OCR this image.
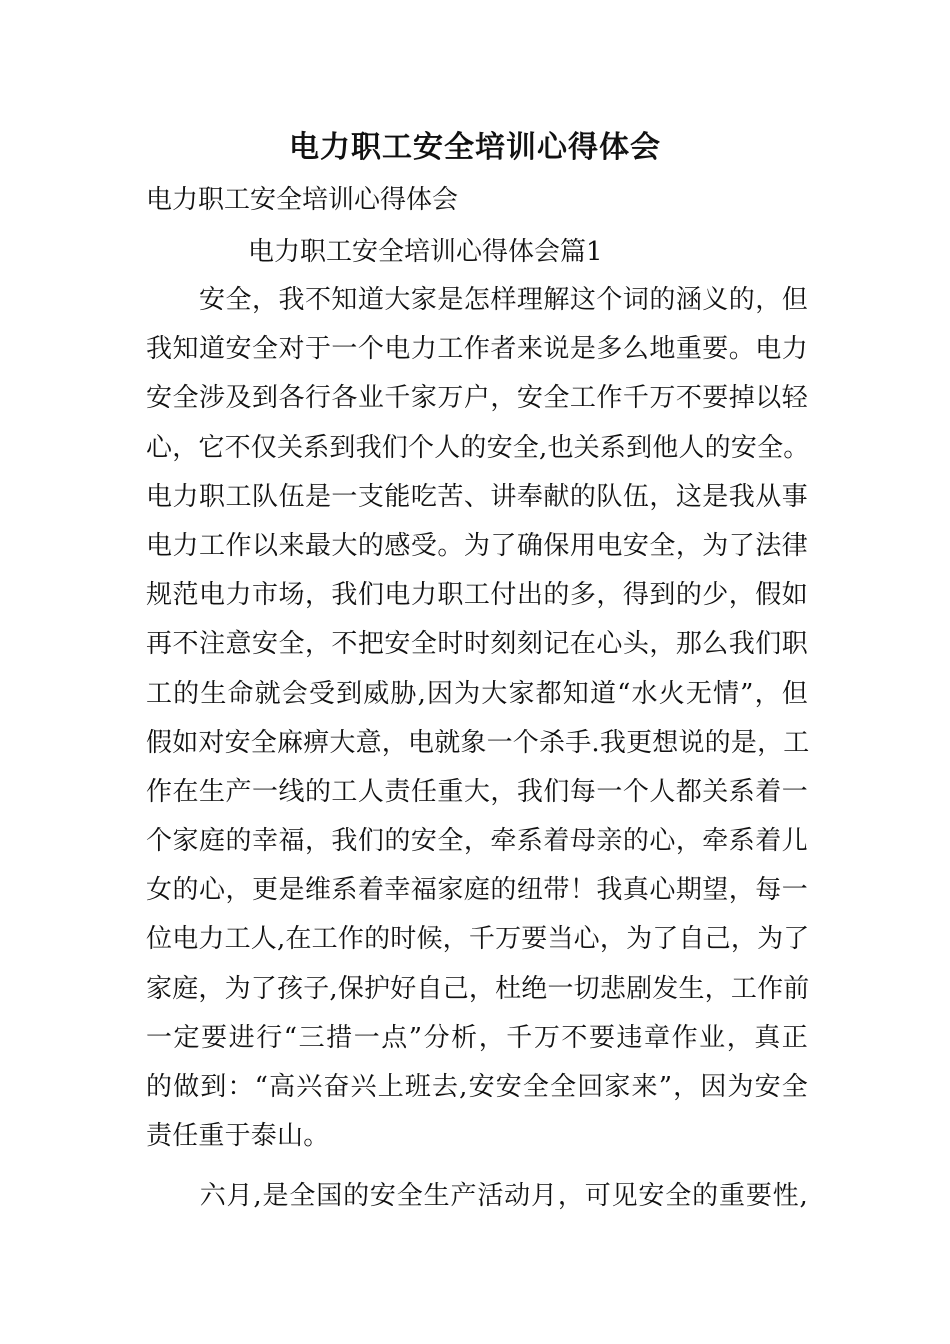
电力职工安全培训心得体会
电力职工安全培训心得体会
电力职工安全培训心得体会篇1
　　安全，我不知道大家是怎样理解这个词的涵义的，但
我知道安全对于一个电力工作者来说是多么地重要。电力
安全涉及到各行各业千家万户，安全工作千万不要掉以轻
心，它不仅关系到我们个人的安全,也关系到他人的安全。
电力职工队伍是一支能吃苦、讲奉献的队伍，这是我从事
电力工作以来最大的感受。为了确保用电安全，为了法律
规范电力市场，我们电力职工付出的多，得到的少，假如
再不注意安全，不把安全时时刻刻记在心头，那么我们职
工的生命就会受到威胁,因为大家都知道“水火无情”，但
假如对安全麻痹大意，电就象一个杀手.我更想说的是，工
作在生产一线的工人责任重大，我们每一个人都关系着一
个家庭的幸福，我们的安全，牵系着母亲的心，牵系着儿
女的心，更是维系着幸福家庭的纽带！我真心期望，每一
位电力工人,在工作的时候，千万要当心，为了自己，为了
家庭，为了孩子,保护好自己，杜绝一切悲剧发生，工作前
一定要进行“三措一点”分析，千万不要违章作业，真正
的做到：“高兴奋兴上班去,安安全全回家来”，因为安全
责任重于泰山。
　　六月,是全国的安全生产活动月，可见安全的重要性,
